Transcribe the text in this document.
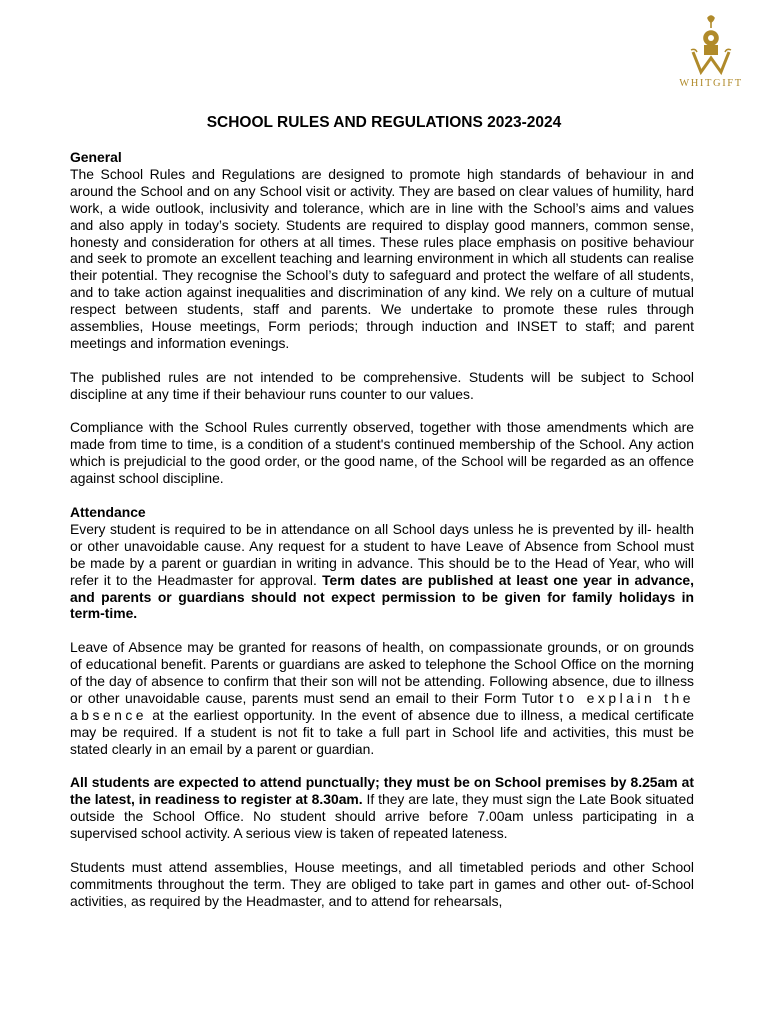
WHITGIFT
SCHOOL RULES AND REGULATIONS 2023-2024
General

The School Rules and Regulations are designed to promote high standards of behaviour in and around the School and on any School visit or activity. They are based on clear values of humility, hard work, a wide outlook, inclusivity and tolerance, which are in line with the School’s aims and values and also apply in today’s society. Students are required to display good manners, common sense, honesty and consideration for others at all times. These rules place emphasis on positive behaviour and seek to promote an excellent teaching and learning environment in which all students can realise their potential. They recognise the School’s duty to safeguard and protect the welfare of all students, and to take action against inequalities and discrimination of any kind. We rely on a culture of mutual respect between students, staff and parents. We undertake to promote these rules through assemblies, House meetings, Form periods; through induction and INSET to staff; and parent meetings and information evenings.

The published rules are not intended to be comprehensive. Students will be subject to School discipline at any time if their behaviour runs counter to our values.

Compliance with the School Rules currently observed, together with those amendments which are made from time to time, is a condition of a student's continued membership of the School. Any action which is prejudicial to the good order, or the good name, of the School will be regarded as an offence against school discipline.

Attendance

Every student is required to be in attendance on all School days unless he is prevented by ill- health or other unavoidable cause. Any request for a student to have Leave of Absence from School must be made by a parent or guardian in writing in advance. This should be to the Head of Year, who will refer it to the Headmaster for approval. Term dates are published at least one year in advance, and parents or guardians should not expect permission to be given for family holidays in term-time.

Leave of Absence may be granted for reasons of health, on compassionate grounds, or on grounds of educational benefit. Parents or guardians are asked to telephone the School Office on the morning of the day of absence to confirm that their son will not be attending. Following absence, due to illness or other unavoidable cause, parents must send an email to their Form Tutor to explain the absence at the earliest opportunity. In the event of absence due to illness, a medical certificate may be required. If a student is not fit to take a full part in School life and activities, this must be stated clearly in an email by a parent or guardian.

All students are expected to attend punctually; they must be on School premises by 8.25am at the latest, in readiness to register at 8.30am. If they are late, they must sign the Late Book situated outside the School Office. No student should arrive before 7.00am unless participating in a supervised school activity. A serious view is taken of repeated lateness.

Students must attend assemblies, House meetings, and all timetabled periods and other School commitments throughout the term. They are obliged to take part in games and other out- of-School activities, as required by the Headmaster, and to attend for rehearsals,
